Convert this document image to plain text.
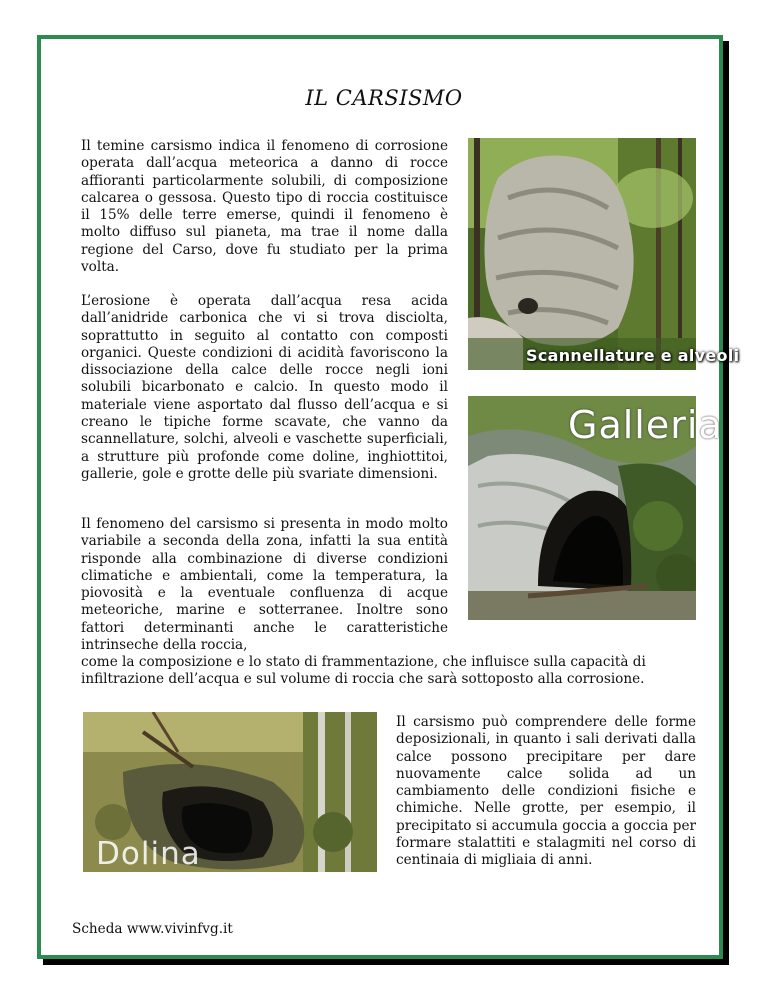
IL CARSISMO

Il temine carsismo indica il fenomeno di corrosione operata dall’acqua meteorica a danno di rocce affioranti particolarmente solubili, di composizione calcarea o gessosa. Questo tipo di roccia costituisce il 15% delle terre emerse, quindi il fenomeno è molto diffuso sul pianeta, ma trae il nome dalla regione del Carso, dove fu studiato per la prima volta.

L’erosione è operata dall’acqua resa acida dall’anidride carbonica che vi si trova disciolta, soprattutto in seguito al contatto con composti organici. Queste condizioni di acidità favoriscono la dissociazione della calce delle rocce negli ioni solubili bicarbonato e calcio. In questo modo il materiale viene asportato dal flusso dell’acqua e si creano le tipiche forme scavate, che vanno da scannellature, solchi, alveoli e vaschette superficiali, a strutture più profonde come doline, inghiottitoi, gallerie, gole e grotte delle più svariate dimensioni.

Il fenomeno del carsismo si presenta in modo molto variabile a seconda della zona, infatti la sua entità risponde alla combinazione di diverse condizioni climatiche e ambientali, come la temperatura, la piovosità e la eventuale confluenza di acque meteoriche, marine e sotterranee. Inoltre sono fattori determinanti anche le caratteristiche intrinseche della roccia,

come la composizione e lo stato di frammentazione, che influisce sulla capacità di infiltrazione dell’acqua e sul volume di roccia che sarà sottoposto alla corrosione.

Il carsismo può comprendere delle forme deposizionali, in quanto i sali derivati dalla calce possono precipitare per dare nuovamente calce solida ad un cambiamento delle condizioni fisiche e chimiche. Nelle grotte, per esempio, il precipitato si accumula goccia a goccia per formare stalattiti e stalagmiti nel corso di centinaia di migliaia di anni.

Scannellature e alveoli
Galleria
Dolina
Scheda www.vivinfvg.it
